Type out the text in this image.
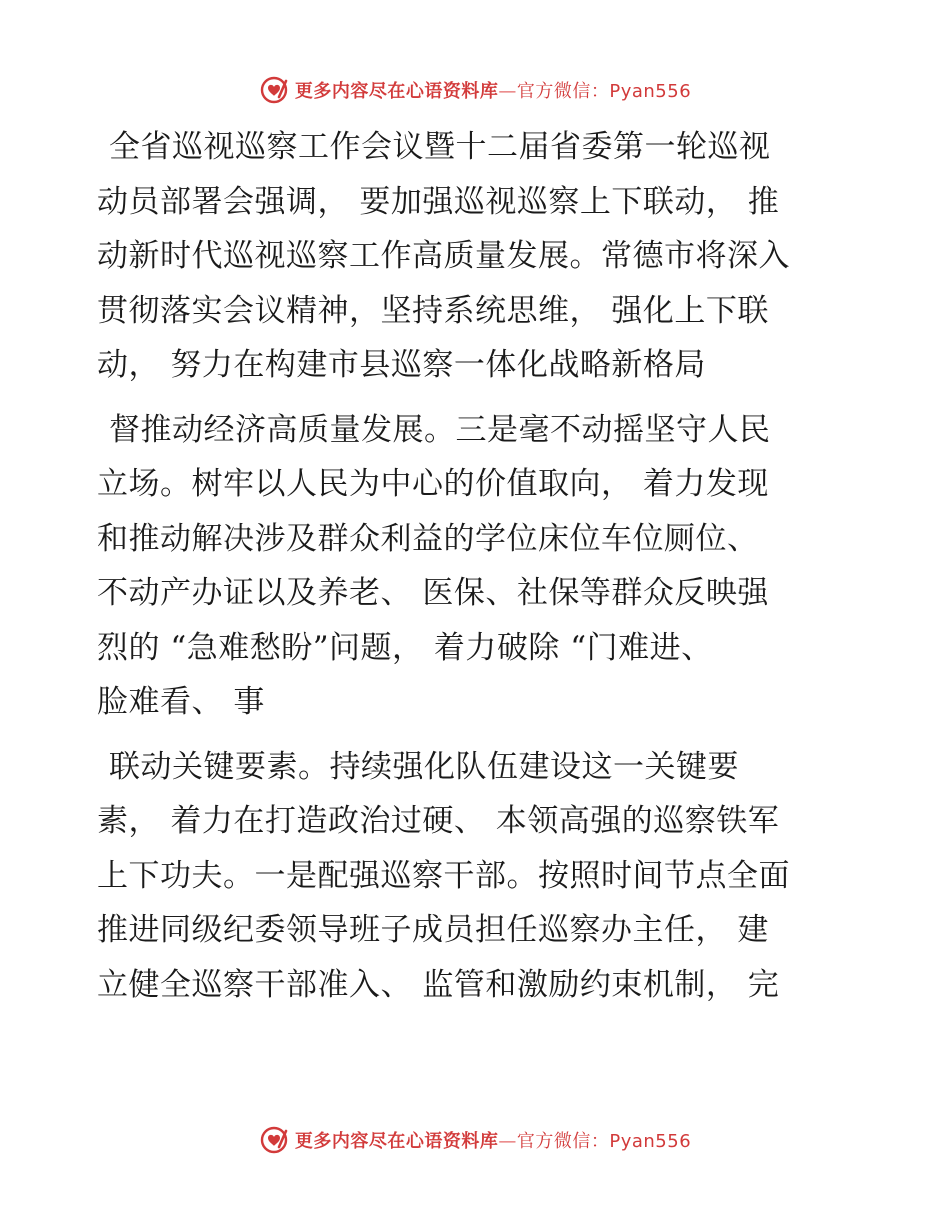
更多内容尽在心语资料库—官方微信：Pyan556
全省巡视巡察工作会议暨十二届省委第一轮巡视
动员部署会强调， 要加强巡视巡察上下联动， 推
动新时代巡视巡察工作高质量发展。常德市将深入
贯彻落实会议精神，坚持系统思维， 强化上下联
动， 努力在构建市县巡察一体化战略新格局
督推动经济高质量发展。三是毫不动摇坚守人民
立场。树牢以人民为中心的价值取向， 着力发现
和推动解决涉及群众利益的学位床位车位厕位、
不动产办证以及养老、 医保、社保等群众反映强
烈的 “急难愁盼”问题， 着力破除 “门难进、
脸难看、 事
联动关键要素。持续强化队伍建设这一关键要
素， 着力在打造政治过硬、 本领高强的巡察铁军
上下功夫。一是配强巡察干部。按照时间节点全面
推进同级纪委领导班子成员担任巡察办主任， 建
立健全巡察干部准入、 监管和激励约束机制， 完
更多内容尽在心语资料库—官方微信：Pyan556
